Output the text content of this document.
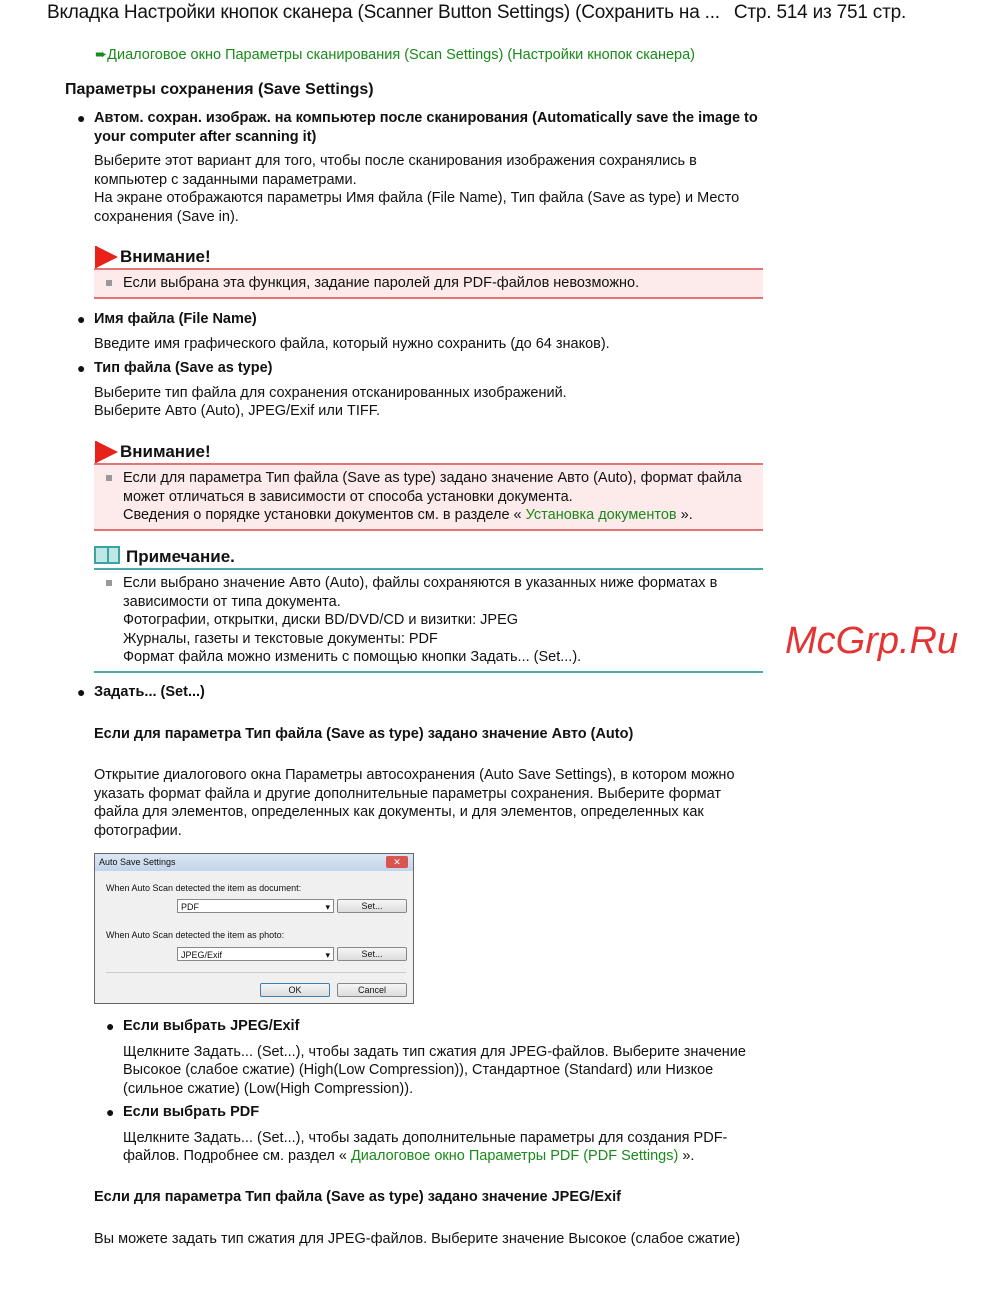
Вкладка Настройки кнопок сканера (Scanner Button Settings) (Сохранить на ... Стр. 514 из 751 стр.
➨Диалоговое окно Параметры сканирования (Scan Settings) (Настройки кнопок сканера)
Параметры сохранения (Save Settings)
● Автом. сохран. изображ. на компьютер после сканирования (Automatically save the image to your computer after scanning it)
Выберите этот вариант для того, чтобы после сканирования изображения сохранялись в компьютер с заданными параметрами.
На экране отображаются параметры Имя файла (File Name), Тип файла (Save as type) и Место сохранения (Save in).
Внимание!
Если выбрана эта функция, задание паролей для PDF-файлов невозможно.
● Имя файла (File Name)
Введите имя графического файла, который нужно сохранить (до 64 знаков).
● Тип файла (Save as type)
Выберите тип файла для сохранения отсканированных изображений.
Выберите Авто (Auto), JPEG/Exif или TIFF.
Внимание!
Если для параметра Тип файла (Save as type) задано значение Авто (Auto), формат файла может отличаться в зависимости от способа установки документа.
Сведения о порядке установки документов см. в разделе « Установка документов ».
Примечание.
Если выбрано значение Авто (Auto), файлы сохраняются в указанных ниже форматах в зависимости от типа документа.
Фотографии, открытки, диски BD/DVD/CD и визитки: JPEG
Журналы, газеты и текстовые документы: PDF
Формат файла можно изменить с помощью кнопки Задать... (Set...).	McGrp.Ru
● Задать... (Set...)
Если для параметра Тип файла (Save as type) задано значение Авто (Auto)
Открытие диалогового окна Параметры автосохранения (Auto Save Settings), в котором можно указать формат файла и другие дополнительные параметры сохранения. Выберите формат файла для элементов, определенных как документы, и для элементов, определенных как фотографии.
Auto Save Settings	✕
When Auto Scan detected the item as document:
PDF	▾	Set...
When Auto Scan detected the item as photo:
JPEG/Exif	▾	Set...
OK	Cancel
● Если выбрать JPEG/Exif
Щелкните Задать... (Set...), чтобы задать тип сжатия для JPEG-файлов. Выберите значение Высокое (слабое сжатие) (High(Low Compression)), Стандартное (Standard) или Низкое (сильное сжатие) (Low(High Compression)).
● Если выбрать PDF
Щелкните Задать... (Set...), чтобы задать дополнительные параметры для создания PDF-файлов. Подробнее см. раздел « Диалоговое окно Параметры PDF (PDF Settings) ».
Если для параметра Тип файла (Save as type) задано значение JPEG/Exif
Вы можете задать тип сжатия для JPEG-файлов. Выберите значение Высокое (слабое сжатие)
